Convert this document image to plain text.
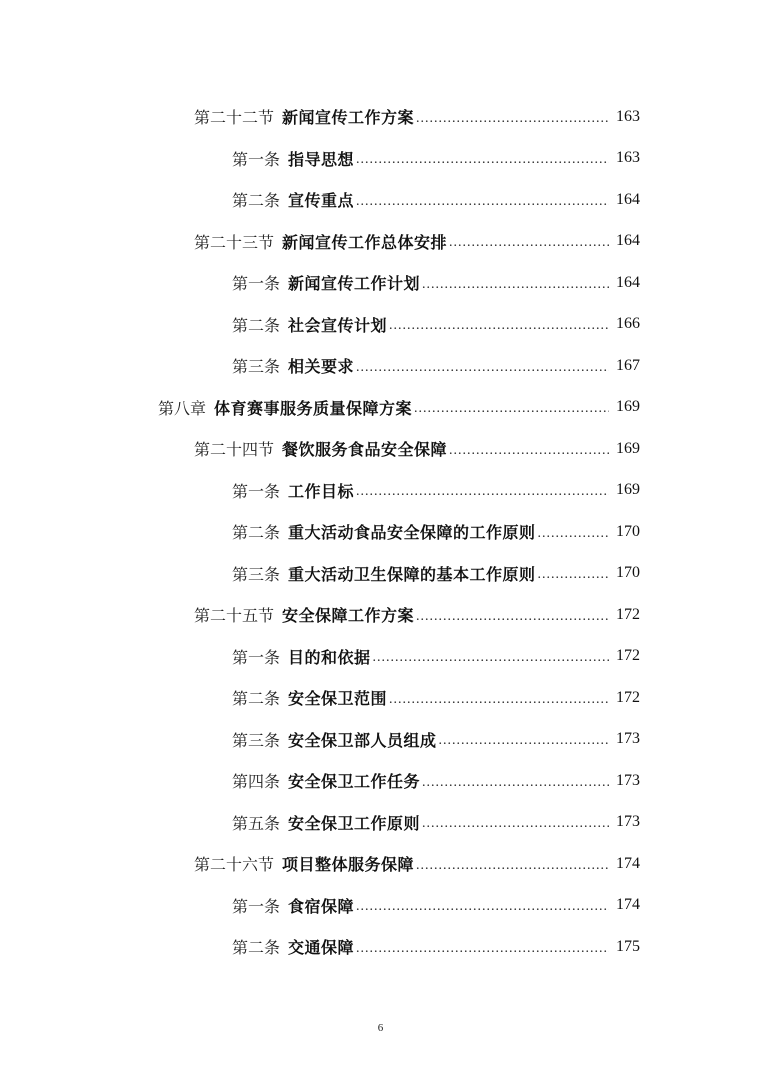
第二十二节 新闻宣传工作方案 .....	163
第一条 指导思想 .....	163
第二条 宣传重点 .....	164
第二十三节 新闻宣传工作总体安排 .....	164
第一条 新闻宣传工作计划 .....	164
第二条 社会宣传计划 .....	166
第三条 相关要求 .....	167
第八章 体育赛事服务质量保障方案 .....	169
第二十四节 餐饮服务食品安全保障 .....	169
第一条 工作目标 .....	169
第二条 重大活动食品安全保障的工作原则 .....	170
第三条 重大活动卫生保障的基本工作原则 .....	170
第二十五节 安全保障工作方案 .....	172
第一条 目的和依据 .....	172
第二条 安全保卫范围 .....	172
第三条 安全保卫部人员组成 .....	173
第四条 安全保卫工作任务 .....	173
第五条 安全保卫工作原则 .....	173
第二十六节 项目整体服务保障 .....	174
第一条 食宿保障 .....	174
第二条 交通保障 .....	175
6
